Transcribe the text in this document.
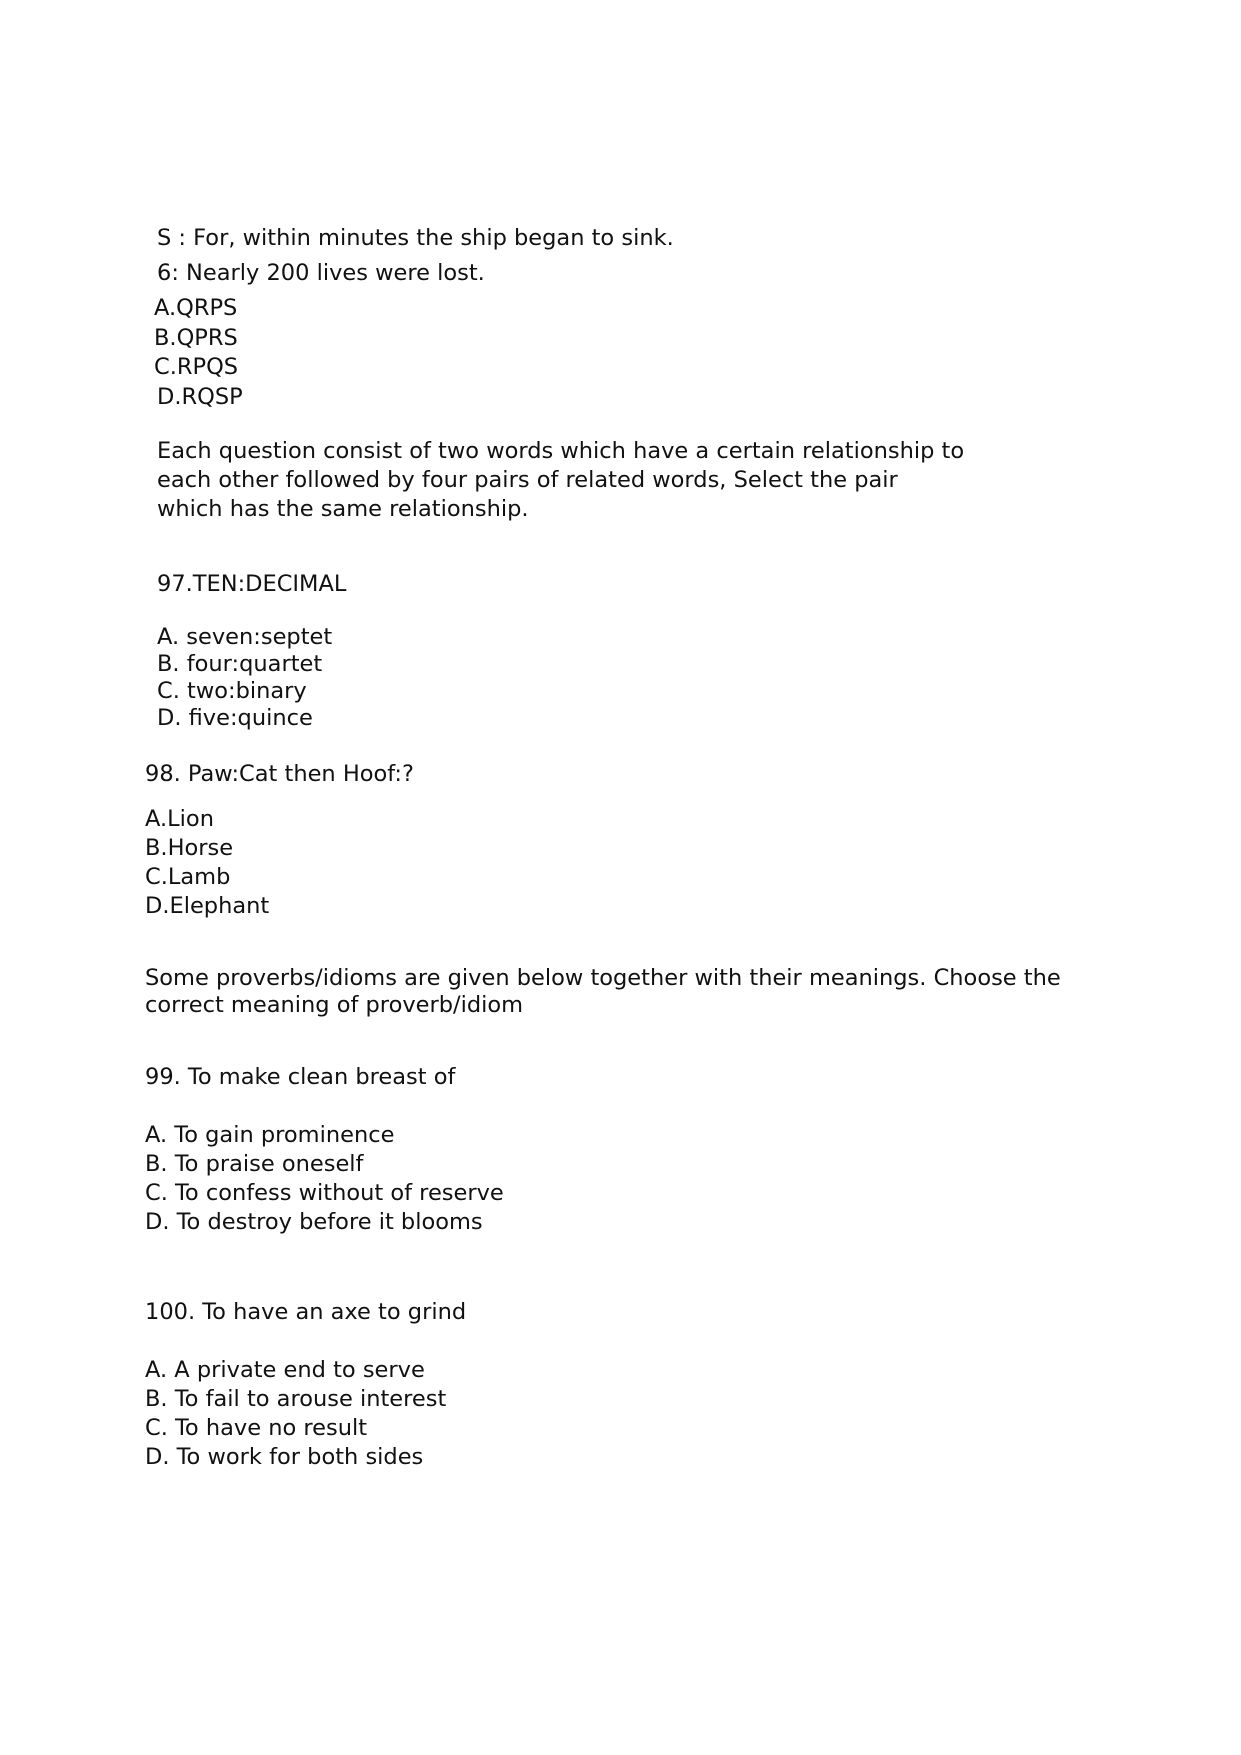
S : For, within minutes the ship began to sink.

6: Nearly 200 lives were lost.

A.QRPS

B.QPRS

C.RPQS

D.RQSP

Each question consist of two words which have a certain relationship to

each other followed by four pairs of related words, Select the pair

which has the same relationship.

97.TEN:DECIMAL

A. seven:septet

B. four:quartet

C. two:binary

D. five:quince

98. Paw:Cat then Hoof:?

A.Lion

B.Horse

C.Lamb

D.Elephant

Some proverbs/idioms are given below together with their meanings. Choose the

correct meaning of proverb/idiom

99. To make clean breast of

A. To gain prominence

B. To praise oneself

C. To confess without of reserve

D. To destroy before it blooms

100. To have an axe to grind

A. A private end to serve

B. To fail to arouse interest

C. To have no result

D. To work for both sides
